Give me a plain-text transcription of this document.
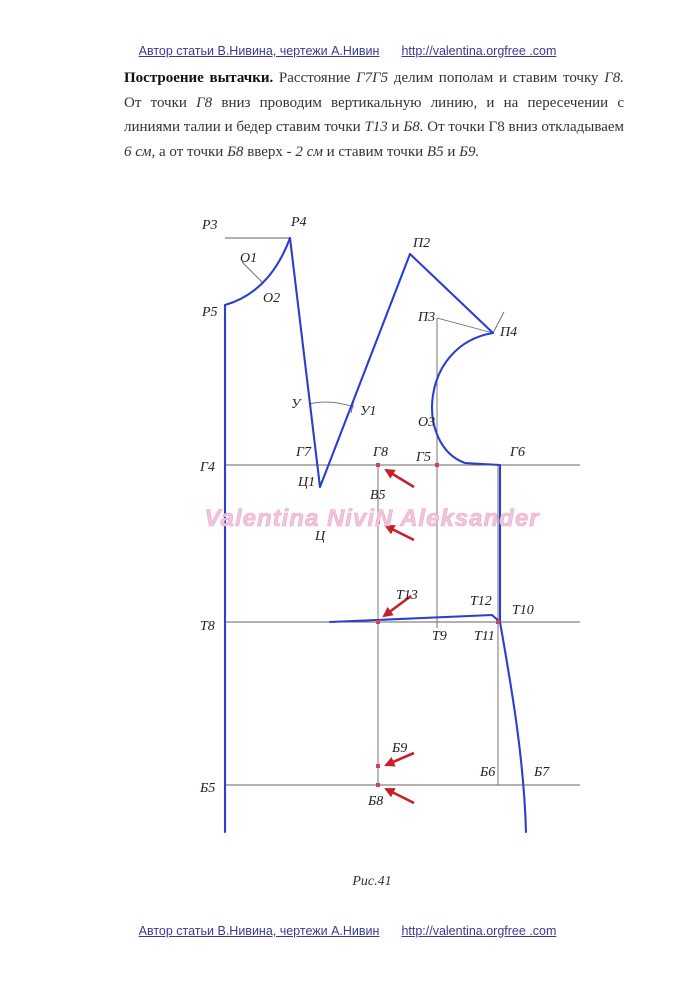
Автор статьи В.Нивина, чертежи А.Нивин http://valentina.orgfree .com
Построение вытачки. Расстояние Г7Г5 делим пополам и ставим точку Г8. От точки Г8 вниз проводим вертикальную линию, и на пересечении с линиями талии и бедер ставим точки Т13 и Б8. От точки Г8 вниз откладываем 6 см, а от точки Б8 вверх - 2 см и ставим точки В5 и Б9.
Valentina NiviN Aleksander
Р3	Р4
Р5
О1
О2
П2
П3
П4
О3
У	У1
Г4
Г7	Г8 Г5	Г6
Ц1
Ц
В5
Т8
Т13	Т12
Т10
Т9 Т11
Б9
Б6	Б7
Б5
Б8
Рис.41
Автор статьи В.Нивина, чертежи А.Нивин http://valentina.orgfree .com
